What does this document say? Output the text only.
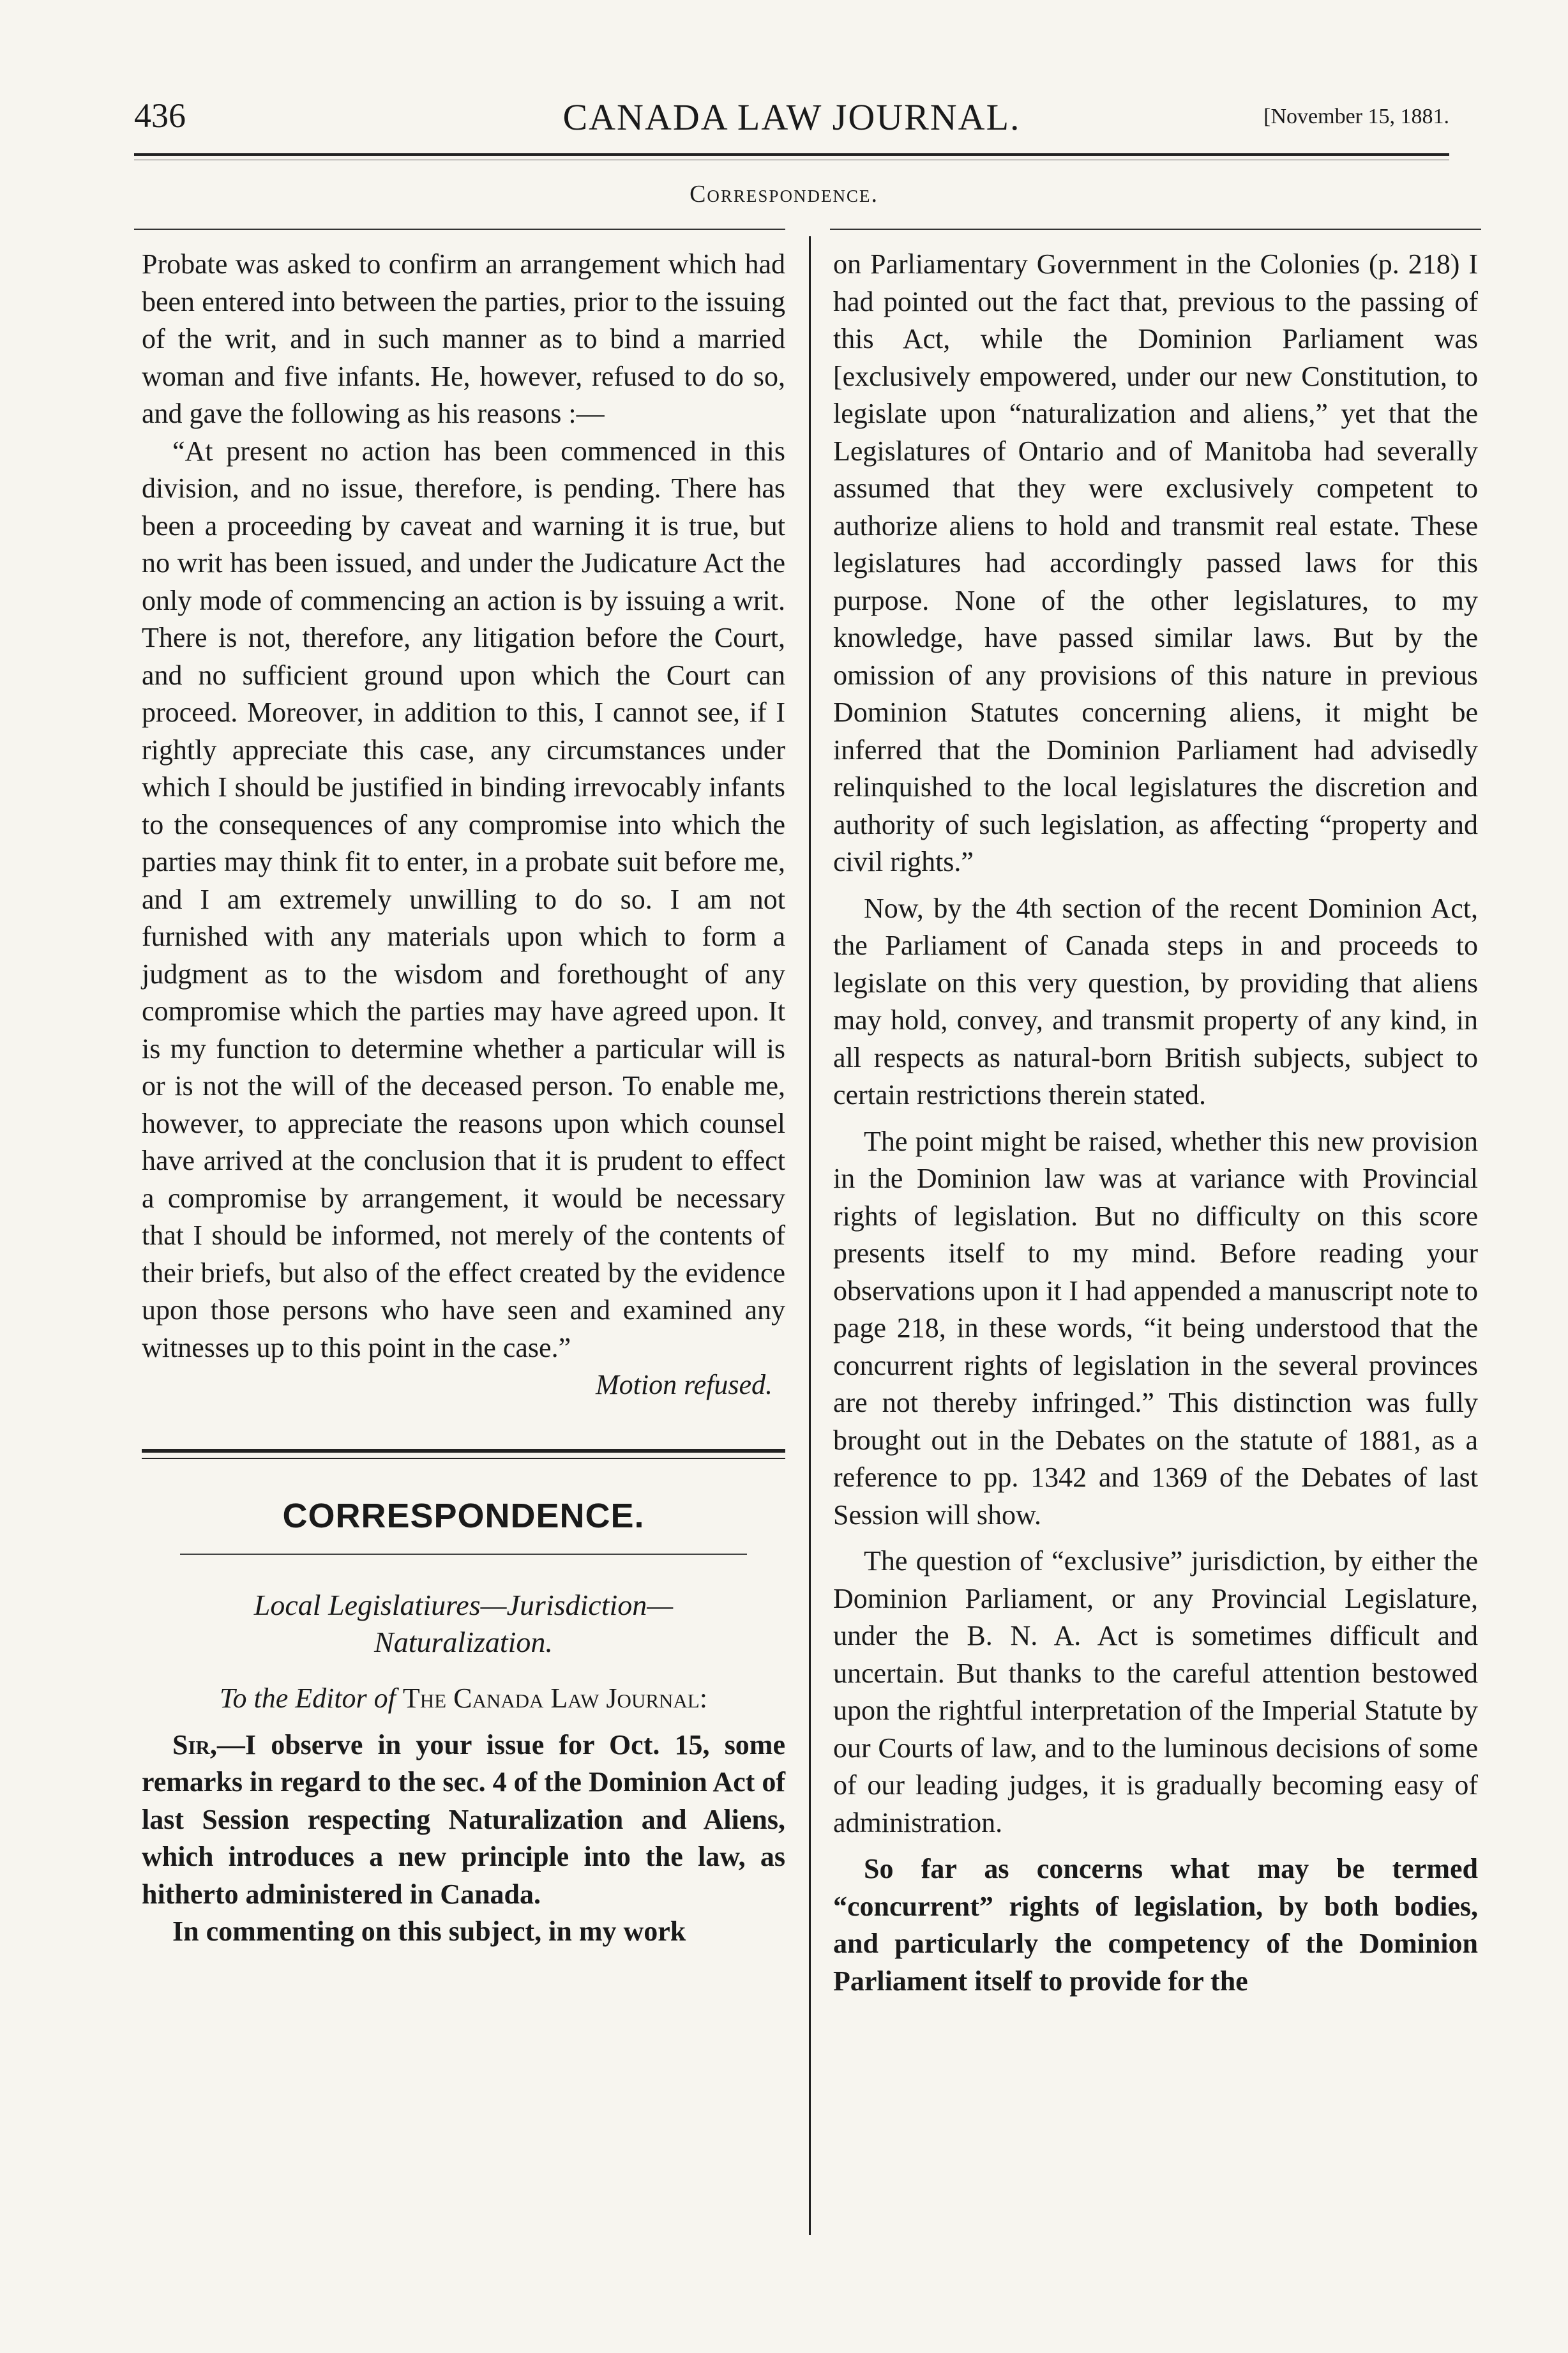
436	CANADA LAW JOURNAL.	[November 15, 1881.
Correspondence.

Probate was asked to confirm an arrangement which had been entered into between the parties, prior to the issuing of the writ, and in such manner as to bind a married woman and five infants. He, however, refused to do so, and gave the following as his reasons :—

“At present no action has been commenced in this division, and no issue, therefore, is pending. There has been a proceeding by caveat and warning it is true, but no writ has been issued, and under the Judicature Act the only mode of commencing an action is by issuing a writ. There is not, therefore, any litigation before the Court, and no sufficient ground upon which the Court can proceed. Moreover, in addition to this, I cannot see, if I rightly appreciate this case, any circumstances under which I should be justified in binding irrevocably infants to the consequences of any compromise into which the parties may think fit to enter, in a probate suit before me, and I am extremely unwilling to do so. I am not furnished with any materials upon which to form a judgment as to the wisdom and forethought of any compromise which the parties may have agreed upon. It is my function to determine whether a particular will is or is not the will of the deceased person. To enable me, however, to appreciate the reasons upon which counsel have arrived at the conclusion that it is prudent to effect a compromise by arrangement, it would be necessary that I should be informed, not merely of the contents of their briefs, but also of the effect created by the evidence upon those persons who have seen and examined any witnesses up to this point in the case.”

Motion refused.

CORRESPONDENCE.
Local Legislatiures—Jurisdiction—
Naturalization.
To the Editor of The Canada Law Journal:

Sir,—I observe in your issue for Oct. 15, some remarks in regard to the sec. 4 of the Dominion Act of last Session respecting Naturalization and Aliens, which introduces a new principle into the law, as hitherto administered in Canada.

In commenting on this subject, in my work

on Parliamentary Government in the Colonies (p. 218) I had pointed out the fact that, previous to the passing of this Act, while the Dominion Parliament was [exclusively empowered, under our new Constitution, to legislate upon “naturalization and aliens,” yet that the Legislatures of Ontario and of Manitoba had severally assumed that they were exclusively competent to authorize aliens to hold and transmit real estate. These legislatures had accordingly passed laws for this purpose. None of the other legislatures, to my knowledge, have passed similar laws. But by the omission of any provisions of this nature in previous Dominion Statutes concerning aliens, it might be inferred that the Dominion Parliament had advisedly relinquished to the local legislatures the discretion and authority of such legislation, as affecting “property and civil rights.”

Now, by the 4th section of the recent Dominion Act, the Parliament of Canada steps in and proceeds to legislate on this very question, by providing that aliens may hold, convey, and transmit property of any kind, in all respects as natural-born British subjects, subject to certain restrictions therein stated.

The point might be raised, whether this new provision in the Dominion law was at variance with Provincial rights of legislation. But no difficulty on this score presents itself to my mind. Before reading your observations upon it I had appended a manuscript note to page 218, in these words, “it being understood that the concurrent rights of legislation in the several provinces are not thereby infringed.” This distinction was fully brought out in the Debates on the statute of 1881, as a reference to pp. 1342 and 1369 of the Debates of last Session will show.

The question of “exclusive” jurisdiction, by either the Dominion Parliament, or any Provincial Legislature, under the B. N. A. Act is sometimes difficult and uncertain. But thanks to the careful attention bestowed upon the rightful interpretation of the Imperial Statute by our Courts of law, and to the luminous decisions of some of our leading judges, it is gradually becoming easy of administration.

So far as concerns what may be termed “concurrent” rights of legislation, by both bodies, and particularly the competency of the Dominion Parliament itself to provide for the
